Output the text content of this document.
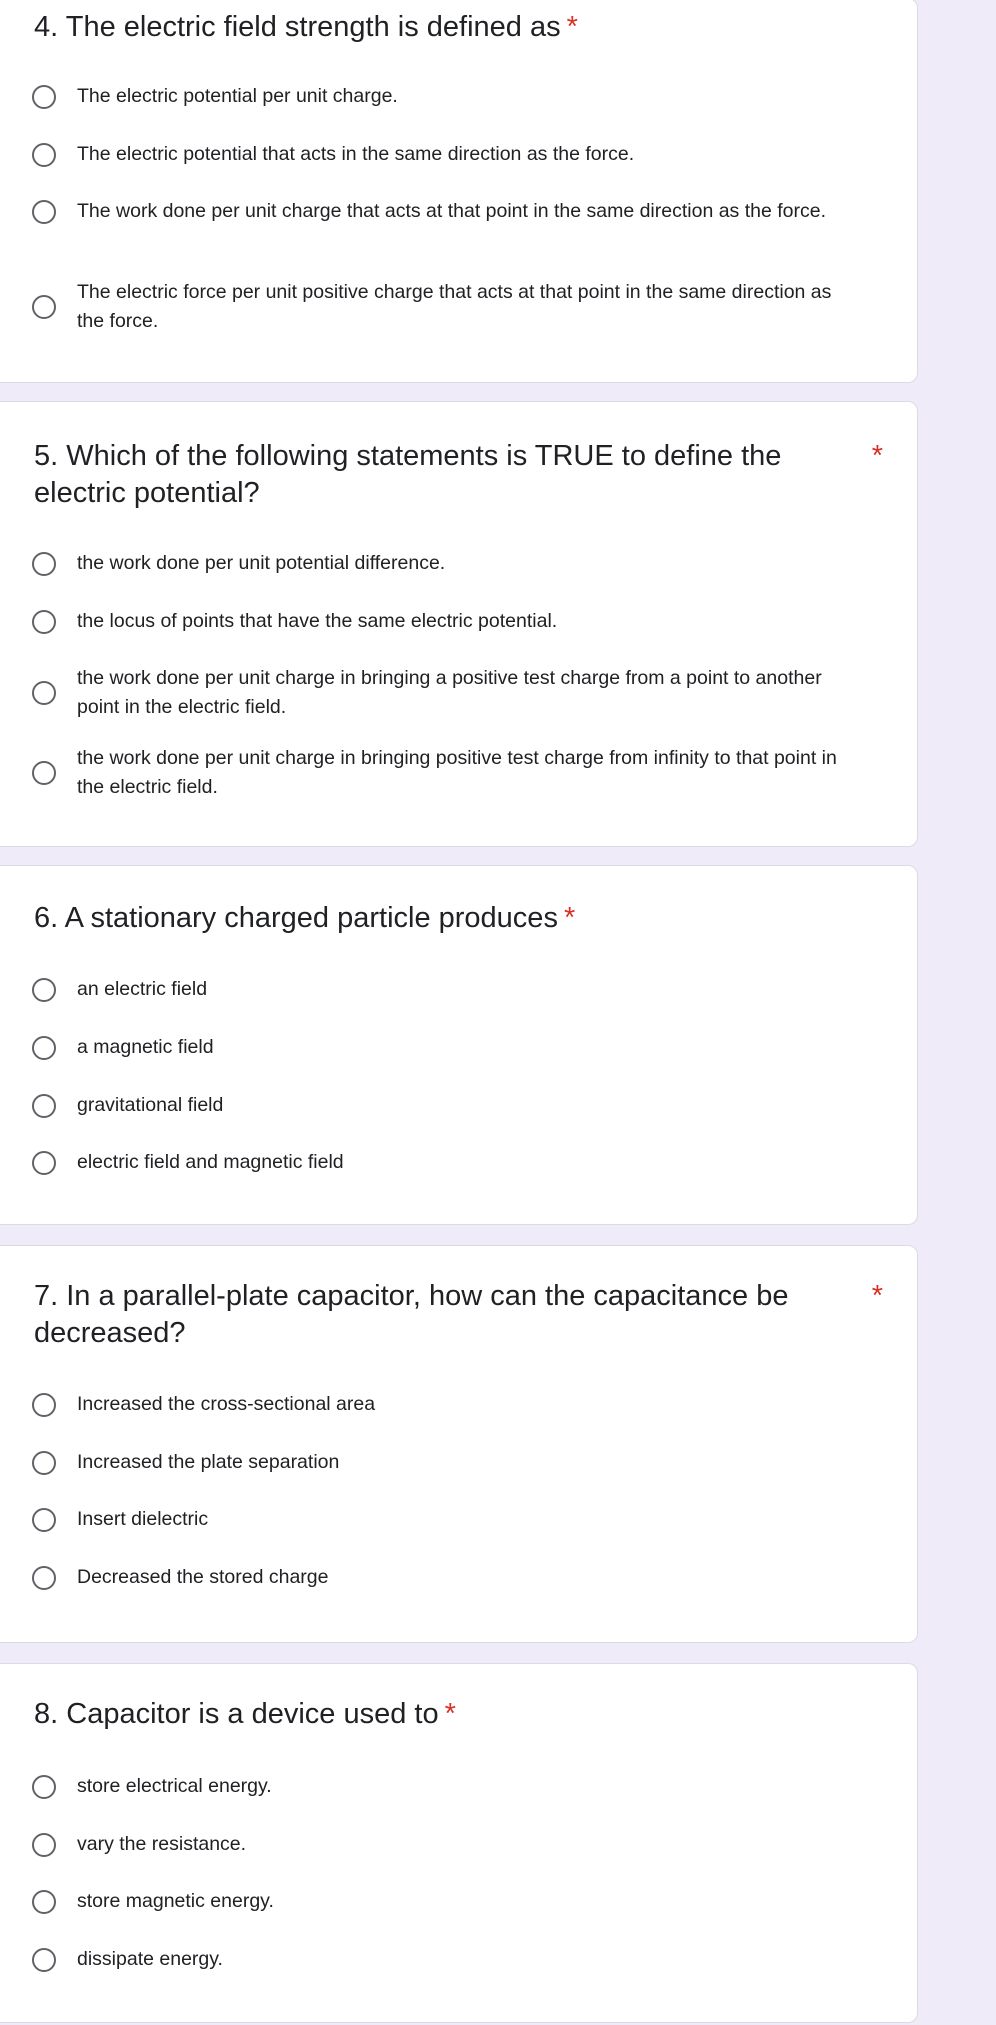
4. The electric field strength is defined as *
The electric potential per unit charge.
The electric potential that acts in the same direction as the force.
The work done per unit charge that acts at that point in the same direction as the force.
The electric force per unit positive charge that acts at that point in the same direction as the force.
5. Which of the following statements is TRUE to define the electric potential?
*
the work done per unit potential difference.
the locus of points that have the same electric potential.
the work done per unit charge in bringing a positive test charge from a point to another point in the electric field.
the work done per unit charge in bringing positive test charge from infinity to that point in the electric field.
6. A stationary charged particle produces *
an electric field
a magnetic field
gravitational field
electric field and magnetic field
7. In a parallel-plate capacitor, how can the capacitance be decreased?
*
Increased the cross-sectional area
Increased the plate separation
Insert dielectric
Decreased the stored charge
8. Capacitor is a device used to *
store electrical energy.
vary the resistance.
store magnetic energy.
dissipate energy.
